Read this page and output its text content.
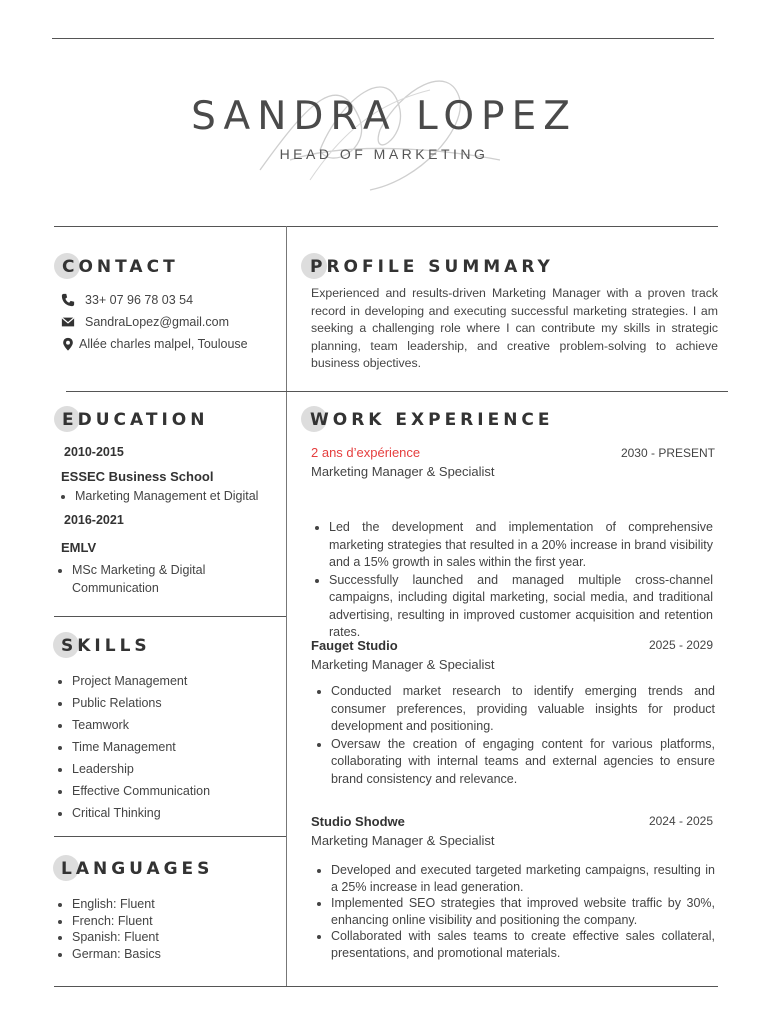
SANDRA LOPEZ
HEAD OF MARKETING
CONTACT
33+ 07 96 78 03 54
SandraLopez@gmail.com
Allée charles malpel, Toulouse
PROFILE SUMMARY
Experienced and results-driven Marketing Manager with a proven track record in developing and executing successful marketing strategies. I am seeking a challenging role where I can contribute my skills in strategic planning, team leadership, and creative problem-solving to achieve business objectives.
EDUCATION
2010-2015
ESSEC Business School
• Marketing Management et Digital
2016-2021
EMLV
• MSc Marketing & Digital Communication
SKILLS
• Project Management
• Public Relations
• Teamwork
• Time Management
• Leadership
• Effective Communication
• Critical Thinking
LANGUAGES
• English: Fluent
• French: Fluent
• Spanish: Fluent
• German: Basics
WORK EXPERIENCE
2 ans d’expérience	2030 - PRESENT
Marketing Manager & Specialist
• Led the development and implementation of comprehensive marketing strategies that resulted in a 20% increase in brand visibility and a 15% growth in sales within the first year.
• Successfully launched and managed multiple cross-channel campaigns, including digital marketing, social media, and traditional advertising, resulting in improved customer acquisition and retention rates.
Fauget Studio	2025 - 2029
Marketing Manager & Specialist
• Conducted market research to identify emerging trends and consumer preferences, providing valuable insights for product development and positioning.
• Oversaw the creation of engaging content for various platforms, collaborating with internal teams and external agencies to ensure brand consistency and relevance.
Studio Shodwe	2024 - 2025
Marketing Manager & Specialist
• Developed and executed targeted marketing campaigns, resulting in a 25% increase in lead generation.
• Implemented SEO strategies that improved website traffic by 30%, enhancing online visibility and positioning the company.
• Collaborated with sales teams to create effective sales collateral, presentations, and promotional materials.
